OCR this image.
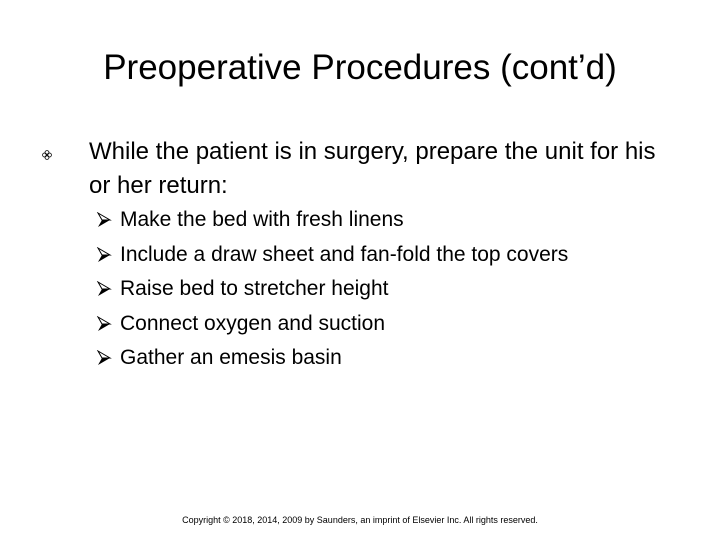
Preoperative Procedures (cont’d)
While the patient is in surgery, prepare the unit for his or her return:
Make the bed with fresh linens
Include a draw sheet and fan-fold the top covers
Raise bed to stretcher height
Connect oxygen and suction
Gather an emesis basin
Copyright © 2018, 2014, 2009 by Saunders, an imprint of Elsevier Inc. All rights reserved.
